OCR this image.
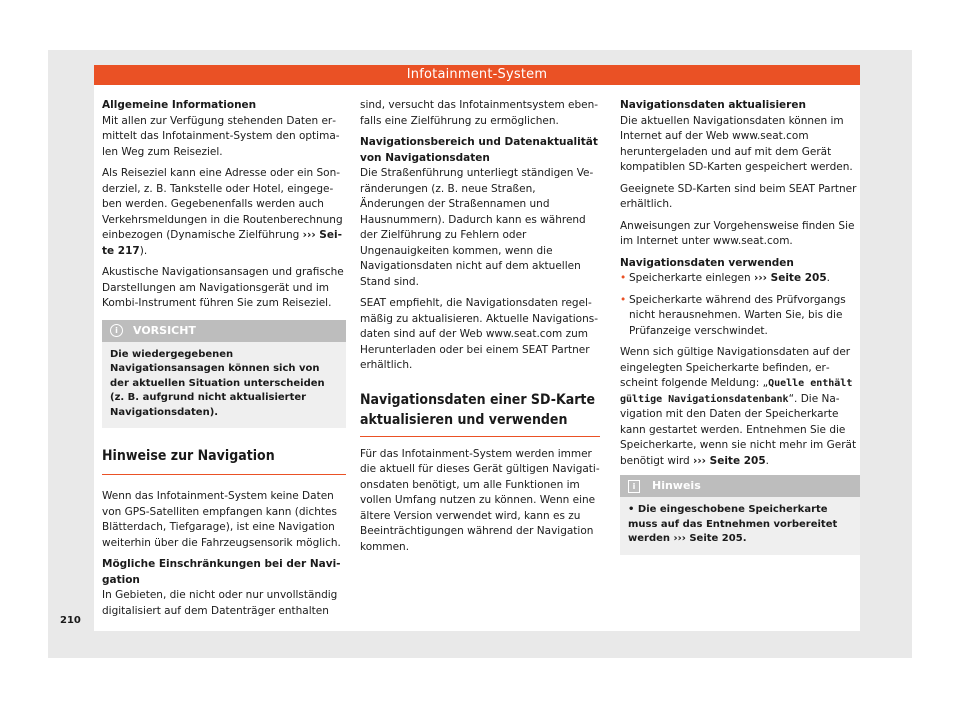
Infotainment-System
Allgemeine Informationen

Mit allen zur Verfügung stehenden Daten ermittelt das Infotainment-System den optimalen Weg zum Reiseziel.

Als Reiseziel kann eine Adresse oder ein Sonderziel, z. B. Tankstelle oder Hotel, eingegeben werden. Gegebenenfalls werden auch Verkehrsmeldungen in die Routenberechnung einbezogen (Dynamische Zielführung ››› Seite 217).

Akustische Navigationsansagen und grafische Darstellungen am Navigationsgerät und im Kombi-Instrument führen Sie zum Reiseziel.

i	VORSICHT
Die wiedergegebenen Navigationsansagen können sich von der aktuellen Situation unterscheiden (z. B. aufgrund nicht aktualisierter Navigationsdaten).
Hinweise zur Navigation

Wenn das Infotainment-System keine Daten von GPS-Satelliten empfangen kann (dichtes Blätterdach, Tiefgarage), ist eine Navigation weiterhin über die Fahrzeugsensorik möglich.

Mögliche Einschränkungen bei der Navigation

In Gebieten, die nicht oder nur unvollständig digitalisiert auf dem Datenträger enthalten

sind, versucht das Infotainmentsystem ebenfalls eine Zielführung zu ermöglichen.

Navigationsbereich und Datenaktualität von Navigationsdaten

Die Straßenführung unterliegt ständigen Veränderungen (z. B. neue Straßen, Änderungen der Straßennamen und Hausnummern). Dadurch kann es während der Zielführung zu Fehlern oder Ungenauigkeiten kommen, wenn die Navigationsdaten nicht auf dem aktuellen Stand sind.

SEAT empfiehlt, die Navigationsdaten regelmäßig zu aktualisieren. Aktuelle Navigationsdaten sind auf der Web www.seat.com zum Herunterladen oder bei einem SEAT Partner erhältlich.

Navigationsdaten einer SD-Karte aktualisieren und verwenden

Für das Infotainment-System werden immer die aktuell für dieses Gerät gültigen Navigationsdaten benötigt, um alle Funktionen im vollen Umfang nutzen zu können. Wenn eine ältere Version verwendet wird, kann es zu Beeinträchtigungen während der Navigation kommen.

Navigationsdaten aktualisieren

Die aktuellen Navigationsdaten können im Internet auf der Web www.seat.com heruntergeladen und auf mit dem Gerät kompatiblen SD-Karten gespeichert werden.

Geeignete SD-Karten sind beim SEAT Partner erhältlich.

Anweisungen zur Vorgehensweise finden Sie im Internet unter www.seat.com.

Navigationsdaten verwenden

• Speicherkarte einlegen ››› Seite 205.

• Speicherkarte während des Prüfvorgangs nicht herausnehmen. Warten Sie, bis die Prüfanzeige verschwindet.

Wenn sich gültige Navigationsdaten auf der eingelegten Speicherkarte befinden, erscheint folgende Meldung: „Quelle enthält gültige Navigationsdatenbank“. Die Navigation mit den Daten der Speicherkarte kann gestartet werden. Entnehmen Sie die Speicherkarte, wenn sie nicht mehr im Gerät benötigt wird ››› Seite 205.

i	Hinweis
• Die eingeschobene Speicherkarte muss auf das Entnehmen vorbereitet werden ››› Seite 205.
210
